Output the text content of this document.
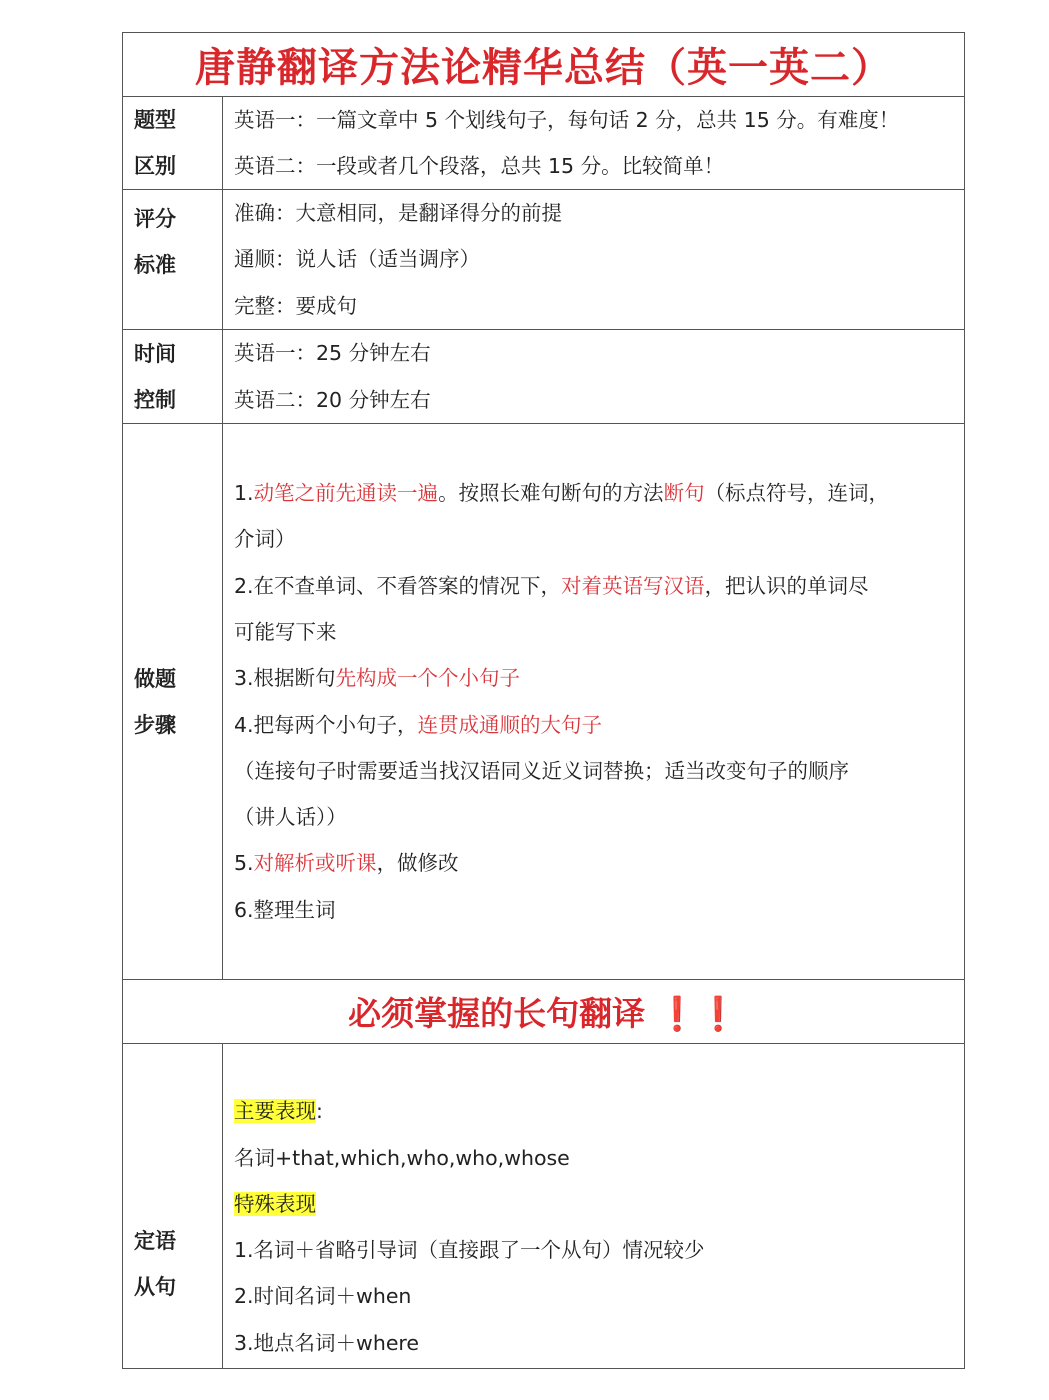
唐静翻译方法论精华总结（英一英二）
题型
区别
英语一：一篇文章中 5 个划线句子，每句话 2 分，总共 15 分。有难度！
英语二：一段或者几个段落，总共 15 分。比较简单！
评分
标准
准确：大意相同，是翻译得分的前提
通顺：说人话（适当调序）
完整：要成句
时间
控制
英语一：25 分钟左右
英语二：20 分钟左右
做题
步骤
1.动笔之前先通读一遍。按照长难句断句的方法断句（标点符号，连词，
介词）
2.在不查单词、不看答案的情况下，对着英语写汉语，把认识的单词尽
可能写下来
3.根据断句先构成一个个小句子
4.把每两个小句子，连贯成通顺的大句子
（连接句子时需要适当找汉语同义近义词替换；适当改变句子的顺序
（讲人话））
5.对解析或听课，做修改
6.整理生词
必须掌握的长句翻译 ❗❗
定语
从句
主要表现:
名词+that,which,who,who,whose
特殊表现
1.名词＋省略引导词（直接跟了一个从句）情况较少
2.时间名词＋when
3.地点名词＋where
